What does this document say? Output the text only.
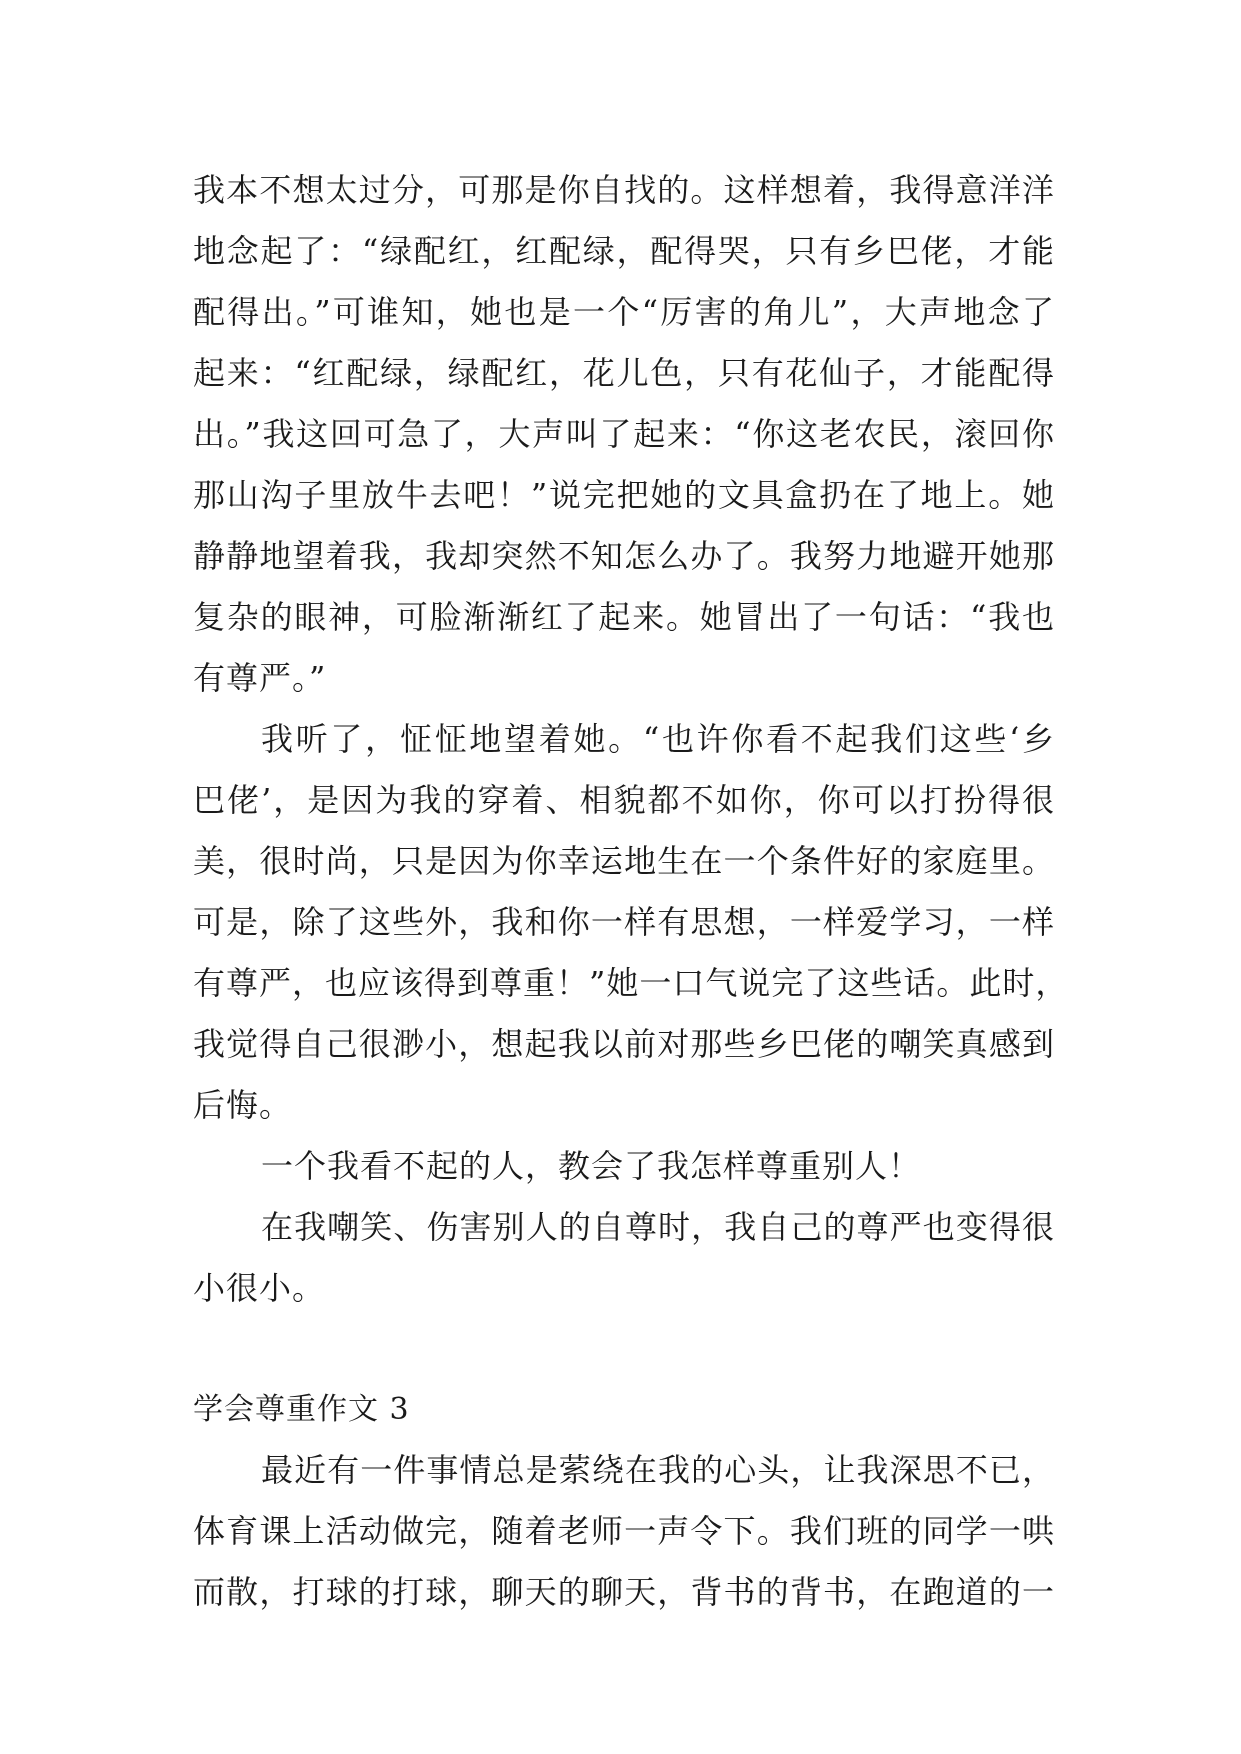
我本不想太过分，可那是你自找的。这样想着，我得意洋洋
地念起了：“绿配红，红配绿，配得哭，只有乡巴佬，才能
配得出。”可谁知，她也是一个“厉害的角儿”，大声地念了
起来：“红配绿，绿配红，花儿色，只有花仙子，才能配得
出。”我这回可急了，大声叫了起来：“你这老农民，滚回你
那山沟子里放牛去吧！”说完把她的文具盒扔在了地上。她
静静地望着我，我却突然不知怎么办了。我努力地避开她那
复杂的眼神，可脸渐渐红了起来。她冒出了一句话：“我也
有尊严。”
我听了，怔怔地望着她。“也许你看不起我们这些‘乡
巴佬’，是因为我的穿着、相貌都不如你，你可以打扮得很
美，很时尚，只是因为你幸运地生在一个条件好的家庭里。
可是，除了这些外，我和你一样有思想，一样爱学习，一样
有尊严，也应该得到尊重！”她一口气说完了这些话。此时，
我觉得自己很渺小，想起我以前对那些乡巴佬的嘲笑真感到
后悔。
一个我看不起的人，教会了我怎样尊重别人！
在我嘲笑、伤害别人的自尊时，我自己的尊严也变得很
小很小。
学会尊重作文 3
最近有一件事情总是萦绕在我的心头，让我深思不已，
体育课上活动做完，随着老师一声令下。我们班的同学一哄
而散，打球的打球，聊天的聊天，背书的背书，在跑道的一
